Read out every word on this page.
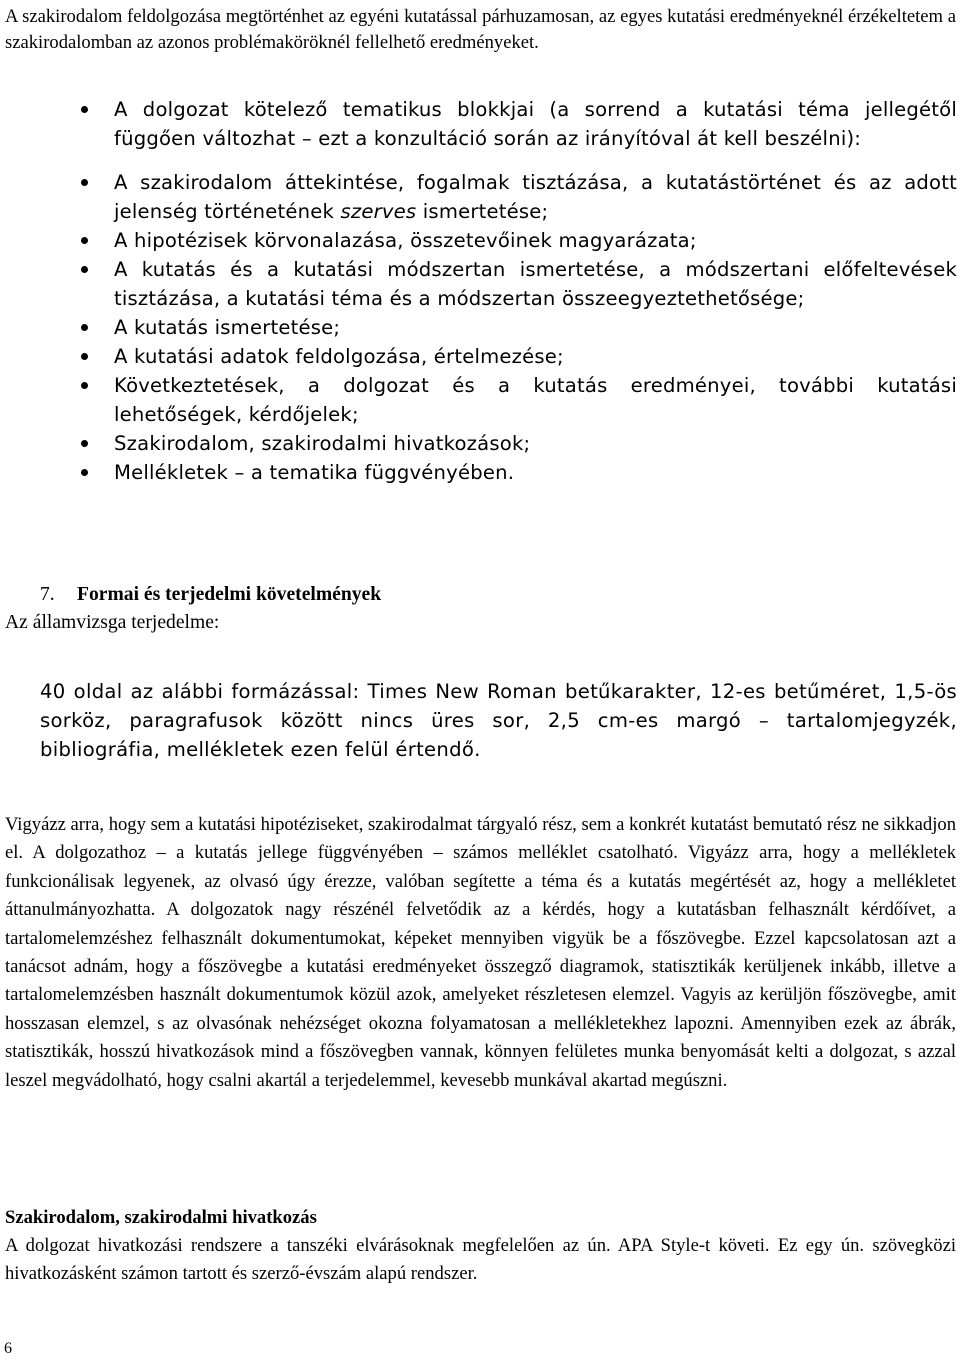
A szakirodalom feldolgozása megtörténhet az egyéni kutatással párhuzamosan, az egyes kutatási eredményeknél érzékeltetem a szakirodalomban az azonos problémaköröknél fellelhető eredményeket.

A dolgozat kötelező tematikus blokkjai (a sorrend a kutatási téma jellegétől függően változhat – ezt a konzultáció során az irányítóval át kell beszélni):
A szakirodalom áttekintése, fogalmak tisztázása, a kutatástörténet és az adott jelenség történetének szerves ismertetése;
A hipotézisek körvonalazása, összetevőinek magyarázata;
A kutatás és a kutatási módszertan ismertetése, a módszertani előfeltevések tisztázása, a kutatási téma és a módszertan összeegyeztethetősége;
A kutatás ismertetése;
A kutatási adatok feldolgozása, értelmezése;
Következtetések, a dolgozat és a kutatás eredményei, további kutatási lehetőségek, kérdőjelek;
Szakirodalom, szakirodalmi hivatkozások;
Mellékletek – a tematika függvényében.
7. Formai és terjedelmi követelmények
Az államvizsga terjedelme:
40 oldal az alábbi formázással: Times New Roman betűkarakter, 12-es betűméret, 1,5-ös sorköz, paragrafusok között nincs üres sor, 2,5 cm-es margó – tartalomjegyzék, bibliográfia, mellékletek ezen felül értendő.

Vigyázz arra, hogy sem a kutatási hipotéziseket, szakirodalmat tárgyaló rész, sem a konkrét kutatást bemutató rész ne sikkadjon el. A dolgozathoz – a kutatás jellege függvényében – számos melléklet csatolható. Vigyázz arra, hogy a mellékletek funkcionálisak legyenek, az olvasó úgy érezze, valóban segítette a téma és a kutatás megértését az, hogy a mellékletet áttanulmányozhatta. A dolgozatok nagy részénél felvetődik az a kérdés, hogy a kutatásban felhasznált kérdőívet, a tartalomelemzéshez felhasznált dokumentumokat, képeket mennyiben vigyük be a főszövegbe. Ezzel kapcsolatosan azt a tanácsot adnám, hogy a főszövegbe a kutatási eredményeket összegző diagramok, statisztikák kerüljenek inkább, illetve a tartalomelemzésben használt dokumentumok közül azok, amelyeket részletesen elemzel. Vagyis az kerüljön főszövegbe, amit hosszasan elemzel, s az olvasónak nehézséget okozna folyamatosan a mellékletekhez lapozni. Amennyiben ezek az ábrák, statisztikák, hosszú hivatkozások mind a főszövegben vannak, könnyen felületes munka benyomását kelti a dolgozat, s azzal leszel megvádolható, hogy csalni akartál a terjedelemmel, kevesebb munkával akartad megúszni.

Szakirodalom, szakirodalmi hivatkozás

A dolgozat hivatkozási rendszere a tanszéki elvárásoknak megfelelően az ún. APA Style-t követi. Ez egy ún. szövegközi hivatkozásként számon tartott és szerző-évszám alapú rendszer.

6
